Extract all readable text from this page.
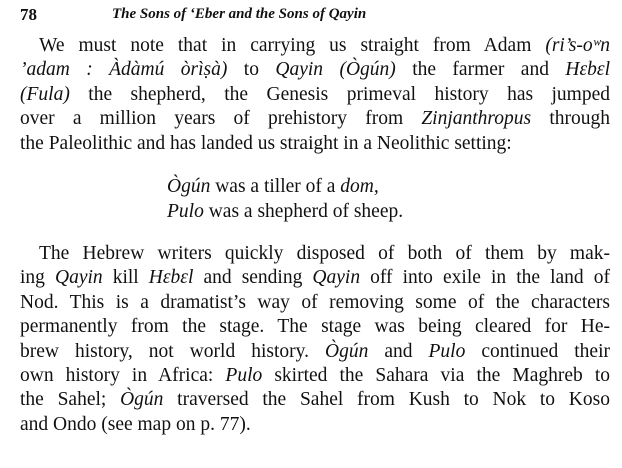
78	The Sons of ‘Eber and the Sons of Qayin

We must note that in carrying us straight from Adam (ri’s-oʷn
’adam : Àdàmú òrìṣà) to Qayin (Ògún) the farmer and Hɛbɛl
(Fula) the shepherd, the Genesis primeval history has jumped
over a million years of prehistory from Zinjanthropus through
the Paleolithic and has landed us straight in a Neolithic setting:

Ògún was a tiller of a dom,
Pulo was a shepherd of sheep.

The Hebrew writers quickly disposed of both of them by mak-
ing Qayin kill Hɛbɛl and sending Qayin off into exile in the land of
Nod. This is a dramatist’s way of removing some of the characters
permanently from the stage. The stage was being cleared for He-
brew history, not world history. Ògún and Pulo continued their
own history in Africa: Pulo skirted the Sahara via the Maghreb to
the Sahel; Ògún traversed the Sahel from Kush to Nok to Koso
and Ondo (see map on p. 77).
